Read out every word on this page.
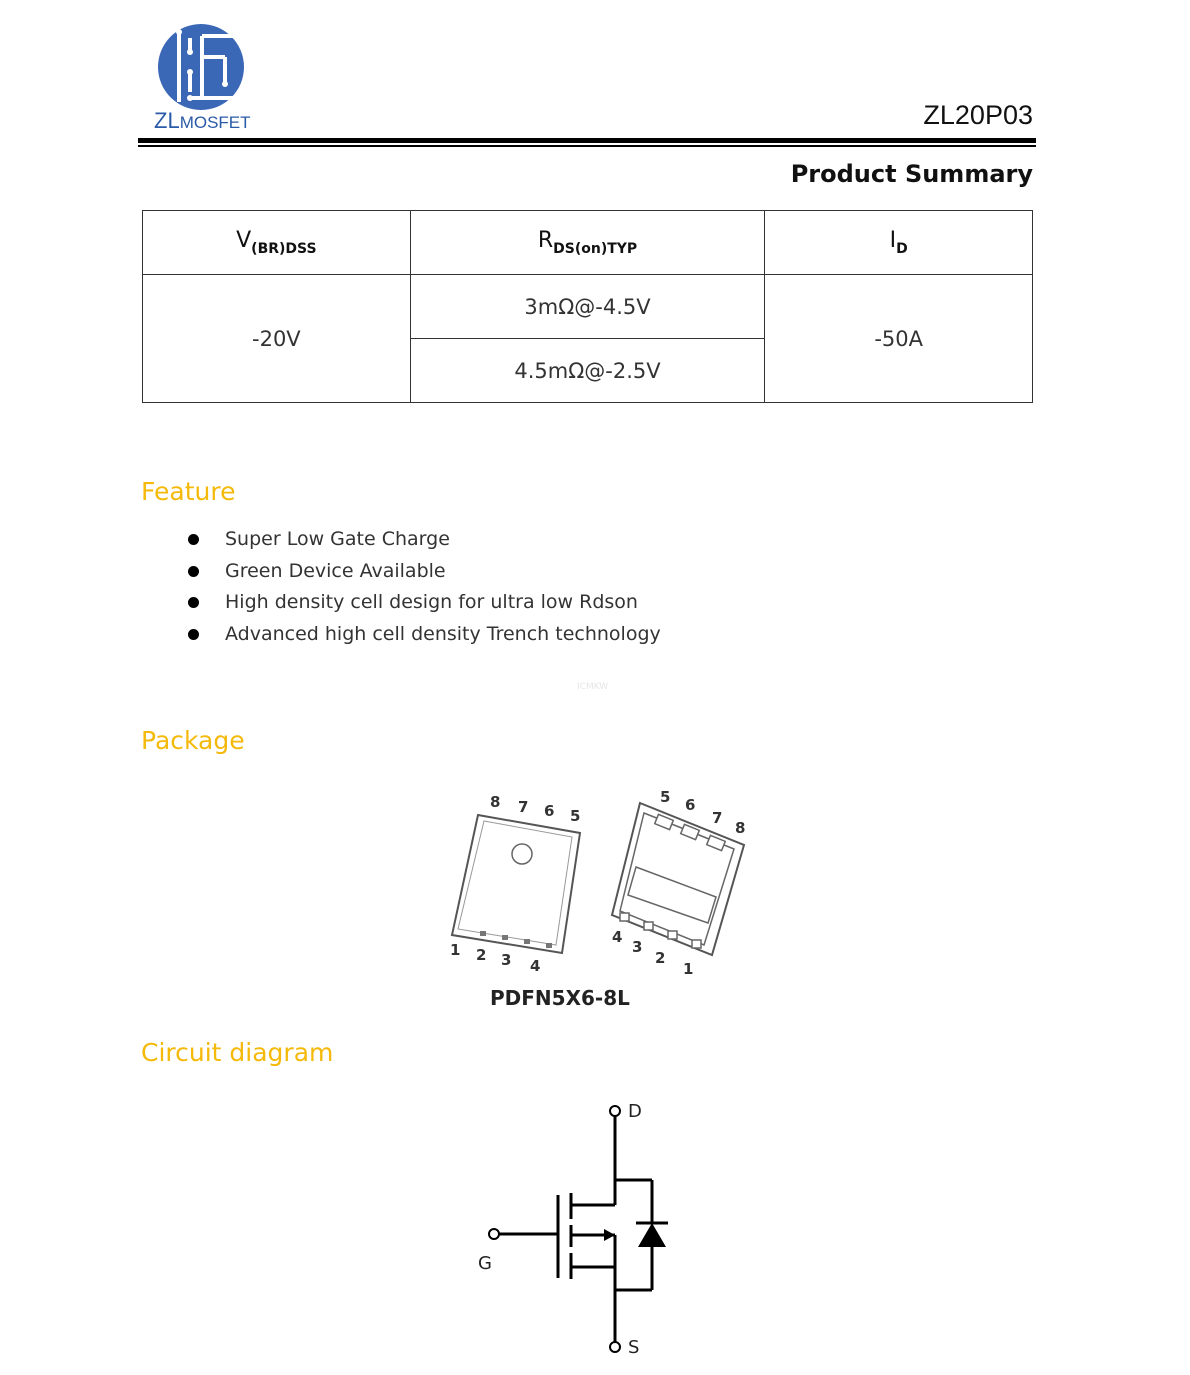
ZLMOSFET	ZL20P03
Product Summary
$V_{(BR)DSS}$	$R_{DS(on)TYP}$	$I_D$
-20V	3mΩ@-4.5V	-50A
	4.5mΩ@-2.5V	
Feature
Super Low Gate Charge
Green Device Available
High density cell design for ultra low Rdson
Advanced high cell density Trench technology
ICMKW
Package
8 7 6 5
1 2 3 4
5 6
7
8
4
3
2
1
PDFN5X6-8L
Circuit diagram
D
G
S
